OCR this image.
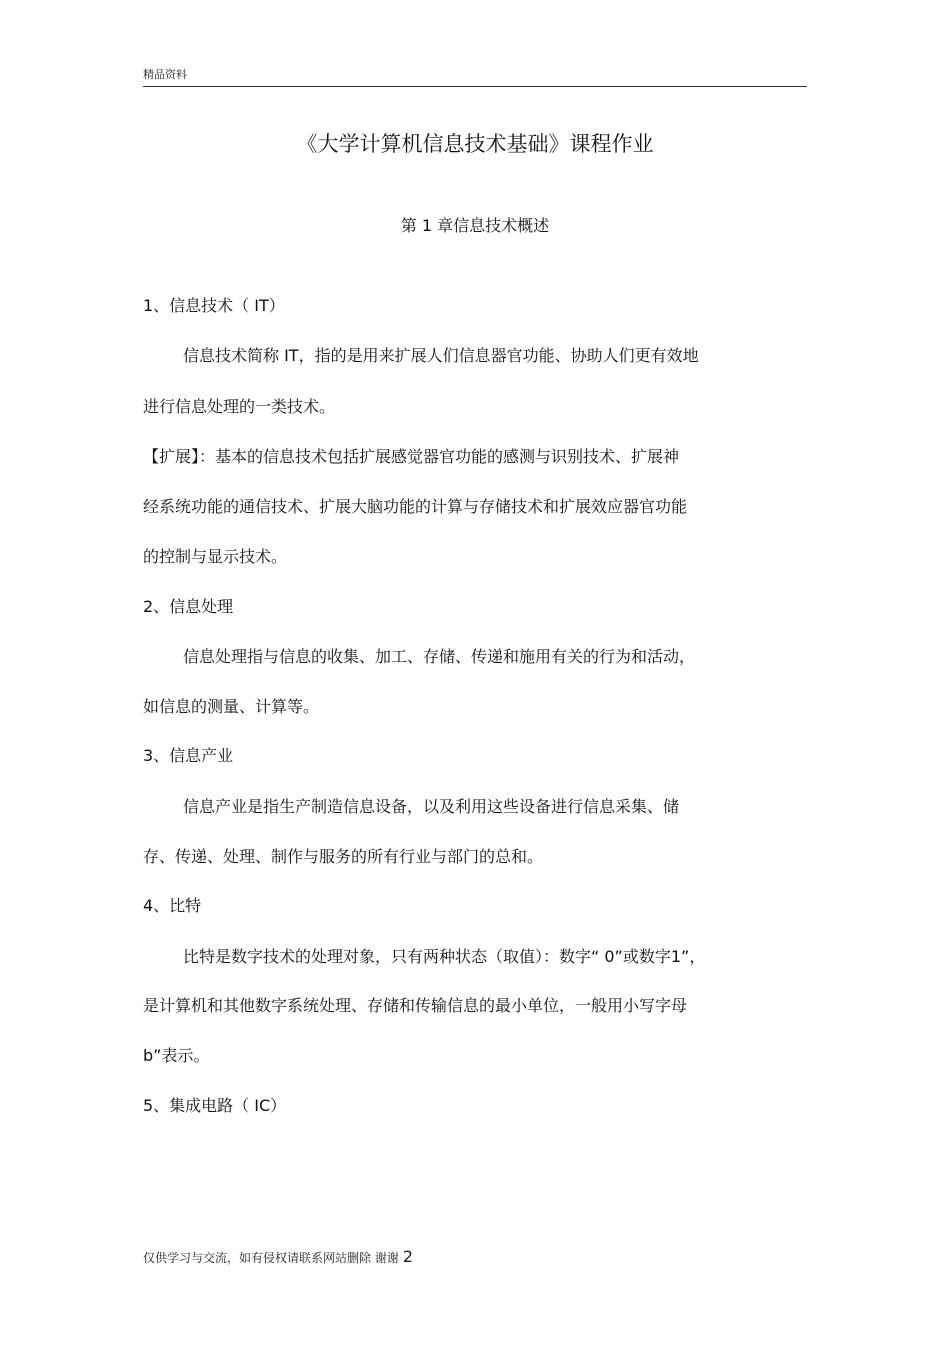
精品资料
《大学计算机信息技术基础》课程作业
第 1 章信息技术概述
1、信息技术（ IT）
信息技术简称 IT，指的是用来扩展人们信息器官功能、协助人们更有效地
进行信息处理的一类技术。
【扩展】：基本的信息技术包括扩展感觉器官功能的感测与识别技术、扩展神
经系统功能的通信技术、扩展大脑功能的计算与存储技术和扩展效应器官功能
的控制与显示技术。
2、信息处理
信息处理指与信息的收集、加工、存储、传递和施用有关的行为和活动，
如信息的测量、计算等。
3、信息产业
信息产业是指生产制造信息设备，以及利用这些设备进行信息采集、储
存、传递、处理、制作与服务的所有行业与部门的总和。
4、比特
比特是数字技术的处理对象，只有两种状态（取值）：数字“ 0”或数字1”，
是计算机和其他数字系统处理、存储和传输信息的最小单位，一般用小写字母
b”表示。
5、集成电路（ IC）
仅供学习与交流，如有侵权请联系网站删除 谢谢 2
